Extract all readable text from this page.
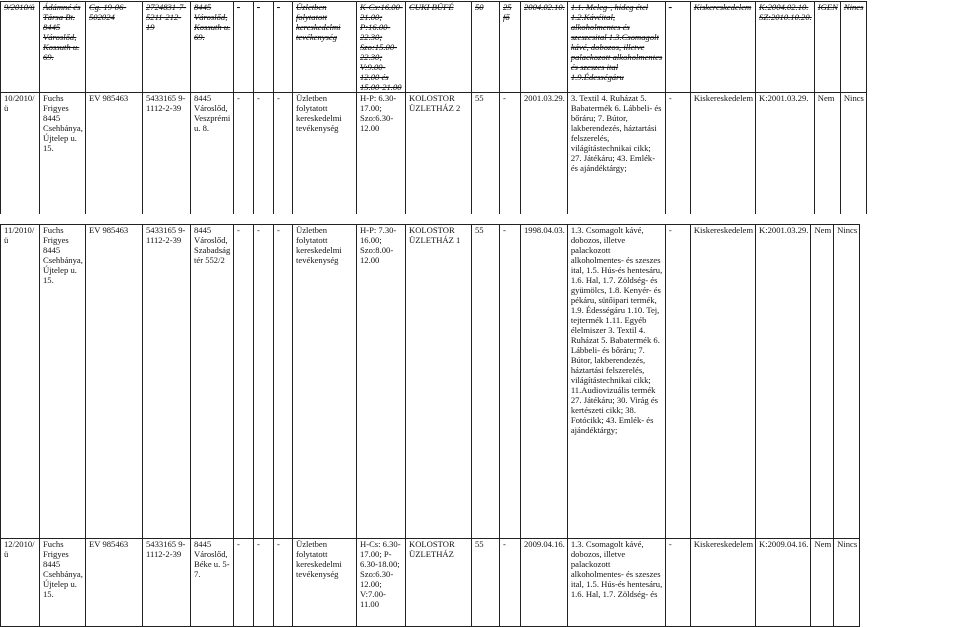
9/2010/ü	Ádámné és Társa Bt. 8445 Városlőd, Kossuth u. 69.	Cg. 19-06-502024	2724831-7-5211-212-19	8445 Városlőd, Kossuth u. 69.	-	-	-	Üzletben folytatott kereskedelmi tevékenység	K-Cs:16.00-21.00; P:16.00-22.30; Szo:15.00-22.30; V:9.00-12.00 és 15.00-21.00	CUKI BÜFÉ	50	25 fő	2004.02.10.	1.1. Meleg-, hideg étel 1.2.Kávéital, alkoholmentes és szeszesital 1.3.Csomagolt kávé, dobozos, illetve palackozott alkoholmentes és szeszes ital 1.9.Édességáru	-	Kiskereskedelem	K:2004.02.10. SZ:2010.10.20.	IGEN	Nincs
10/2010/ü	Fuchs Frigyes 8445 Csehbánya, Újtelep u. 15.	EV 985463	5433165 9-1112-2-39	8445 Városlőd, Veszprémi u. 8.	-	-	-	Üzletben folytatott kereskedelmi tevékenység	H-P: 6.30-17.00; Szo:6.30-12.00	KOLOSTOR ÜZLETHÁZ 2	55	-	2001.03.29.	3. Textil 4. Ruházat 5. Babatermék 6. Lábbeli- és bőráru; 7. Bútor, lakberendezés, háztartási felszerelés, világítástechnikai cikk; 27. Játékáru; 43. Emlék- és ajándéktárgy;	-	Kiskereskedelem	K:2001.03.29.	Nem	Nincs
11/2010/ü	Fuchs Frigyes 8445 Csehbánya, Újtelep u. 15.	EV 985463	5433165 9-1112-2-39	8445 Városlőd, Szabadság tér 552/2	-	-	-	Üzletben folytatott kereskedelmi tevékenység	H-P: 7.30-16.00; Szo:8.00-12.00	KOLOSTOR ÜZLETHÁZ 1	55	-	1998.04.03.	1.3. Csomagolt kávé, dobozos, illetve palackozott alkoholmentes- és szeszes ital, 1.5. Hús-és hentesáru, 1.6. Hal, 1.7. Zöldség- és gyümölcs, 1.8. Kenyér- és pékáru, sütőipari termék, 1.9. Édességáru 1.10. Tej, tejtermék 1.11. Egyéb élelmiszer 3. Textil 4. Ruházat 5. Babatermék 6. Lábbeli- és bőráru; 7. Bútor, lakberendezés, háztartási felszerelés, világítástechnikai cikk; 11.Audiovizuális termék 27. Játékáru; 30. Virág és kertészeti cikk; 38. Fotócikk; 43. Emlék- és ajándéktárgy;	-	Kiskereskedelem	K:2001.03.29.	Nem	Nincs
12/2010/ü	Fuchs Frigyes 8445 Csehbánya, Újtelep u. 15.	EV 985463	5433165 9-1112-2-39	8445 Városlőd, Béke u. 5-7.	-	-	-	Üzletben folytatott kereskedelmi tevékenység	H-Cs: 6.30-17.00; P-6.30-18.00; Szo:6.30-12.00; V:7.00-11.00	KOLOSTOR ÜZLETHÁZ	55	-	2009.04.16.	1.3. Csomagolt kávé, dobozos, illetve palackozott alkoholmentes- és szeszes ital, 1.5. Hús-és hentesáru, 1.6. Hal, 1.7. Zöldség- és	-	Kiskereskedelem	K:2009.04.16.	Nem	Nincs
